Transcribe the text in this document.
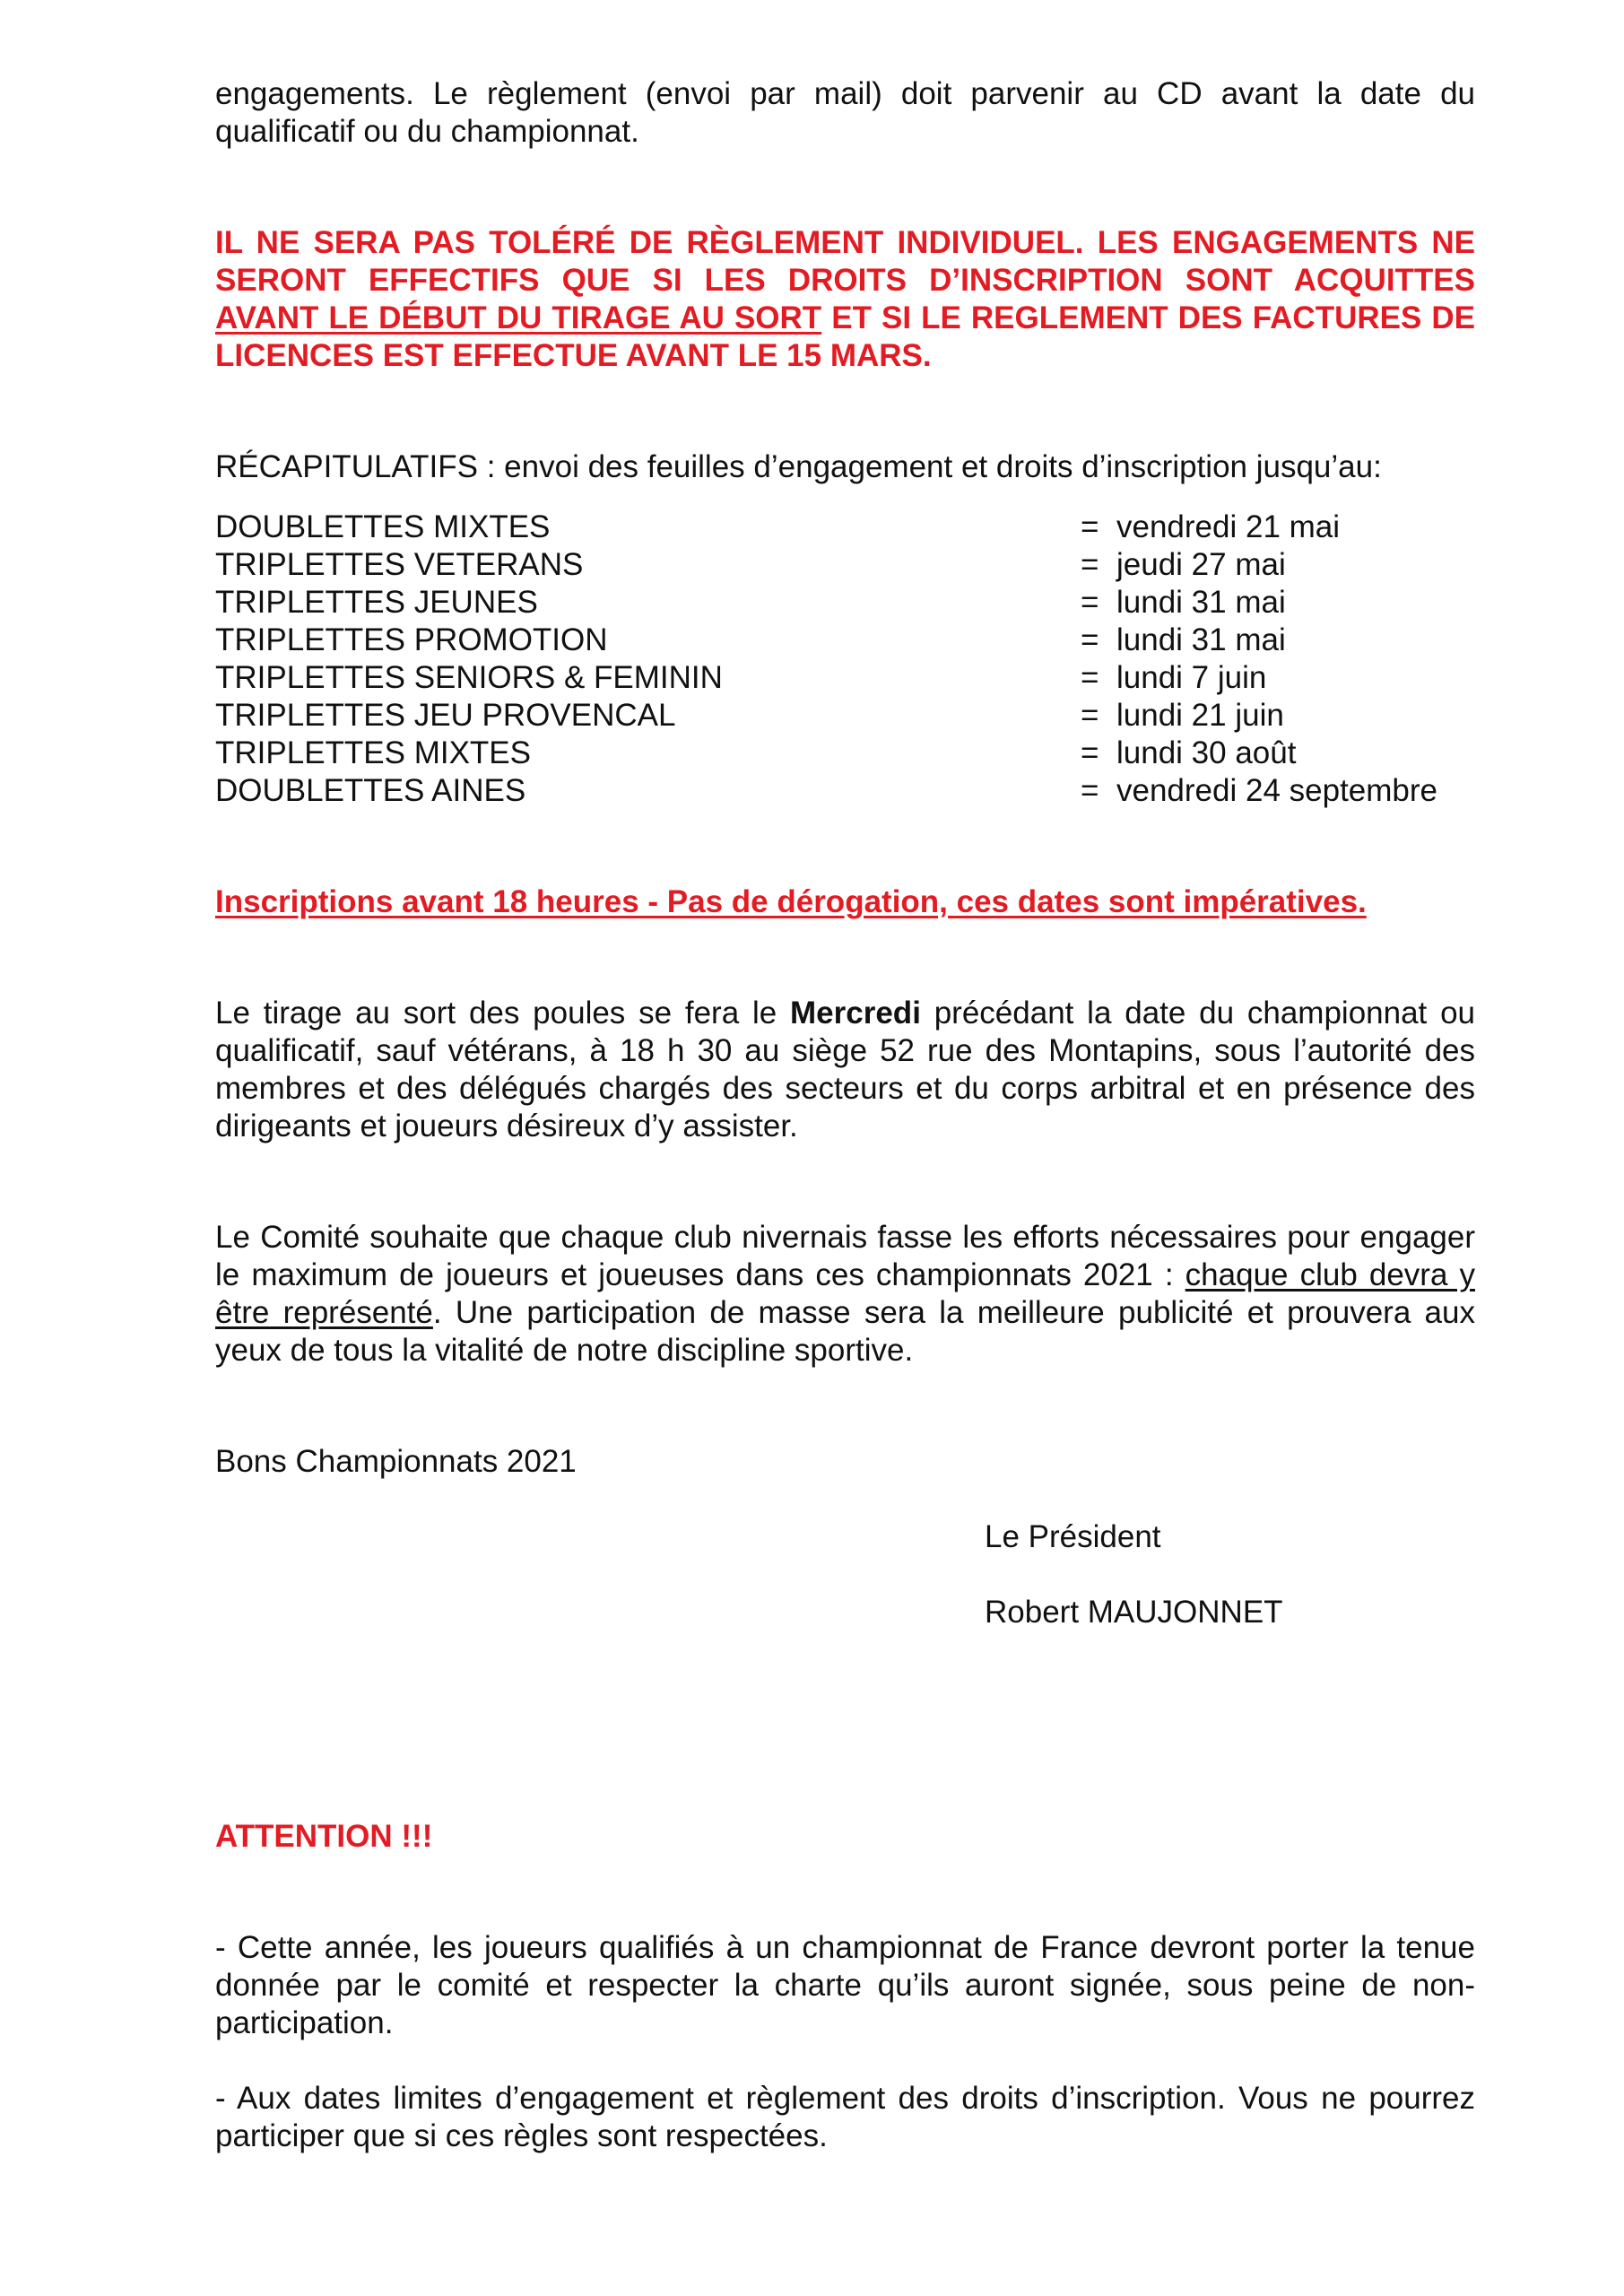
engagements. Le règlement (envoi par mail) doit parvenir au CD avant la date du qualificatif ou du championnat.

IL NE SERA PAS TOLÉRÉ DE RÈGLEMENT INDIVIDUEL. LES ENGAGEMENTS NE SERONT EFFECTIFS QUE SI LES DROITS D’INSCRIPTION SONT ACQUITTES AVANT LE DÉBUT DU TIRAGE AU SORT ET SI LE REGLEMENT DES FACTURES DE LICENCES EST EFFECTUE AVANT LE 15 MARS.

RÉCAPITULATIFS : envoi des feuilles d’engagement et droits d’inscription jusqu’au:

DOUBLETTES MIXTES	= vendredi 21 mai
TRIPLETTES VETERANS	= jeudi 27 mai
TRIPLETTES JEUNES	= lundi 31 mai
TRIPLETTES PROMOTION	= lundi 31 mai
TRIPLETTES SENIORS & FEMININ	= lundi 7 juin
TRIPLETTES JEU PROVENCAL	= lundi 21 juin
TRIPLETTES MIXTES	= lundi 30 août
DOUBLETTES AINES	= vendredi 24 septembre

Inscriptions avant 18 heures - Pas de dérogation, ces dates sont impératives.

Le tirage au sort des poules se fera le Mercredi précédant la date du championnat ou qualificatif, sauf vétérans, à 18 h 30 au siège 52 rue des Montapins, sous l’autorité des membres et des délégués chargés des secteurs et du corps arbitral et en présence des dirigeants et joueurs désireux d’y assister.

Le Comité souhaite que chaque club nivernais fasse les efforts nécessaires pour engager le maximum de joueurs et joueuses dans ces championnats 2021 : chaque club devra y être représenté. Une participation de masse sera la meilleure publicité et prouvera aux yeux de tous la vitalité de notre discipline sportive.

Bons Championnats 2021

Le Président

Robert MAUJONNET

ATTENTION !!!

- Cette année, les joueurs qualifiés à un championnat de France devront porter la tenue donnée par le comité et respecter la charte qu’ils auront signée, sous peine de non-participation.

- Aux dates limites d’engagement et règlement des droits d’inscription. Vous ne pourrez participer que si ces règles sont respectées.
